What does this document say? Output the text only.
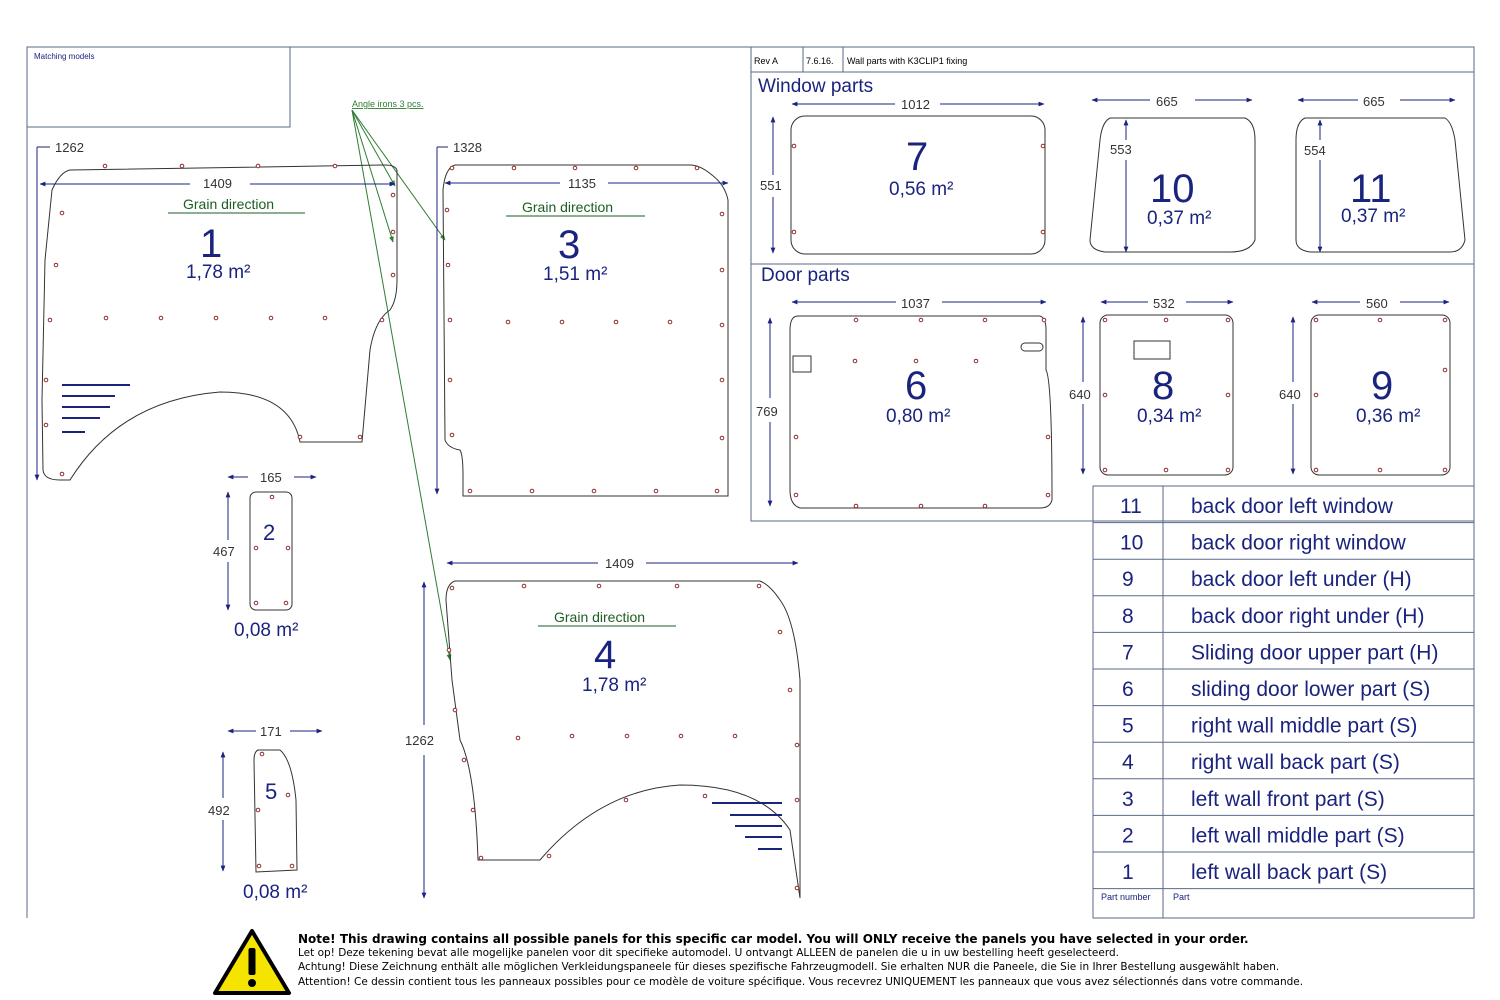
Matching models	Rev A	7.6.16. Wall parts with K3CLIP1 fixing
Window parts
Door parts
Angle irons 3 pcs.
1409
1262
Grain direction
1
1,78 m²
165
467
2
0,08 m²
1328
1135
Grain direction
3
1,51 m²
1409
1262
Grain direction
4
1,78 m²
171
492
5
0,08 m²
1012
551
7
0,56 m²
665
553
10
0,37 m²
665
554
11
0,37 m²
1037
769
6
0,80 m²
532
640 8
0,34 m²
560
640 9
0,36 m²
11 back door left window
10 back door right window
9	back door left under (H)
8	back door right under (H)
7	Sliding door upper part (H)
6	sliding door lower part (S)
5	right wall middle part (S)
4	right wall back part (S)
3	left wall front part (S)
2	left wall middle part (S)
1	left wall back part (S)
Part number Part
Note! This drawing contains all possible panels for this specific car model. You will ONLY receive the panels you have selected in your order.
Let op! Deze tekening bevat alle mogelijke panelen voor dit specifieke automodel. U ontvangt ALLEEN de panelen die u in uw bestelling heeft geselecteerd.
Achtung! Diese Zeichnung enthält alle möglichen Verkleidungspaneele für dieses spezifische Fahrzeugmodell. Sie erhalten NUR die Paneele, die Sie in Ihrer Bestellung ausgewählt haben.
Attention! Ce dessin contient tous les panneaux possibles pour ce modèle de voiture spécifique. Vous recevrez UNIQUEMENT les panneaux que vous avez sélectionnés dans votre commande.
